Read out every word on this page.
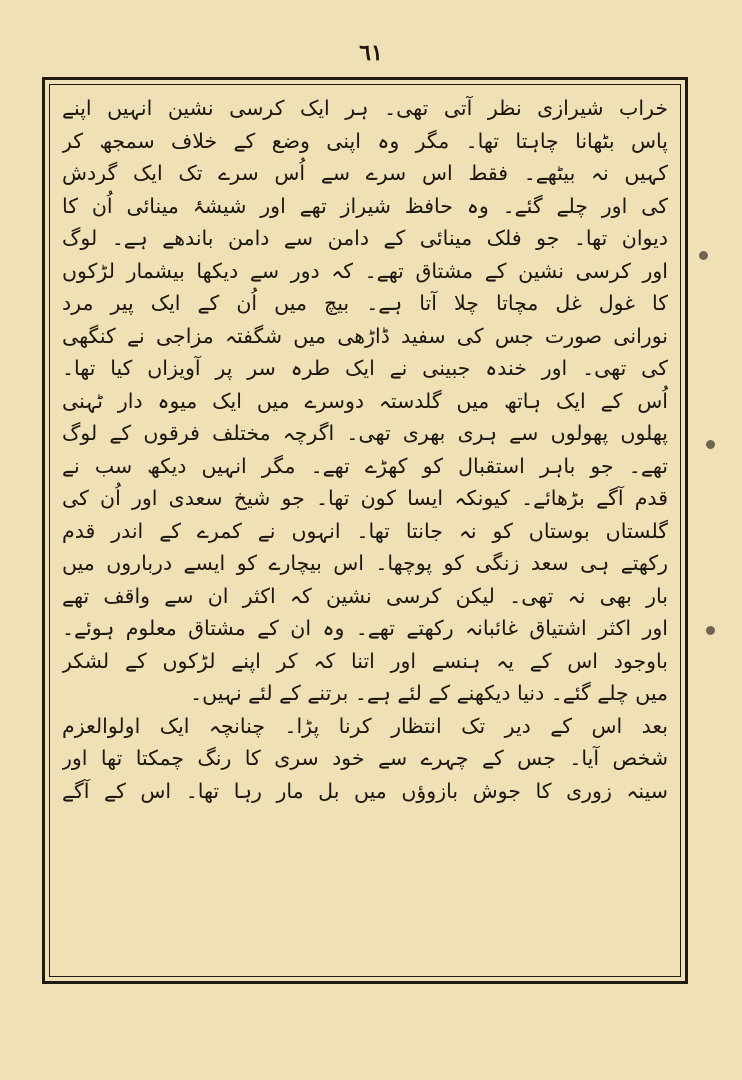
٦١
خراب شیرازی نظر آتی تھی۔ ہر ایک کرسی نشین انہیں اپنے
پاس بٹھانا چاہتا تھا۔ مگر وہ اپنی وضع کے خلاف سمجھ کر
کہیں نہ بیٹھے۔ فقط اس سرے سے اُس سرے تک ایک گردش
کی اور چلے گئے۔ وہ حافظ شیراز تھے اور شیشۂ مینائی اُن کا
دیوان تھا۔ جو فلک مینائی کے دامن سے دامن باندھے ہے۔ لوگ
اور کرسی نشین کے مشتاق تھے۔ کہ دور سے دیکھا بیشمار لڑکوں
کا غول غل مچاتا چلا آتا ہے۔ بیچ میں اُن کے ایک پیر مرد
نورانی صورت جس کی سفید ڈاڑھی میں شگفتہ مزاجی نے کنگھی
کی تھی۔ اور خندہ جبینی نے ایک طرہ سر پر آویزاں کیا تھا۔
اُس کے ایک ہاتھ میں گلدستہ دوسرے میں ایک میوہ دار ٹہنی
پھلوں پھولوں سے ہری بھری تھی۔ اگرچہ مختلف فرقوں کے لوگ
تھے۔ جو باہر استقبال کو کھڑے تھے۔ مگر انہیں دیکھ سب نے
قدم آگے بڑھائے۔ کیونکہ ایسا کون تھا۔ جو شیخ سعدی اور اُن کی
گلستاں بوستاں کو نہ جانتا تھا۔ انہوں نے کمرے کے اندر قدم
رکھتے ہی سعد زنگی کو پوچھا۔ اس بیچارے کو ایسے درباروں میں
بار بھی نہ تھی۔ لیکن کرسی نشین کہ اکثر ان سے واقف تھے
اور اکثر اشتیاق غائبانہ رکھتے تھے۔ وہ ان کے مشتاق معلوم ہوئے۔
باوجود اس کے یہ ہنسے اور اتنا کہ کر اپنے لڑکوں کے لشکر
میں چلے گئے۔ دنیا دیکھنے کے لئے ہے۔ برتنے کے لئے نہیں۔
بعد اس کے دیر تک انتظار کرنا پڑا۔ چنانچہ ایک اولوالعزم
شخص آیا۔ جس کے چہرے سے خود سری کا رنگ چمکتا تھا اور
سینہ زوری کا جوش بازوؤں میں بل مار رہا تھا۔ اس کے آگے
